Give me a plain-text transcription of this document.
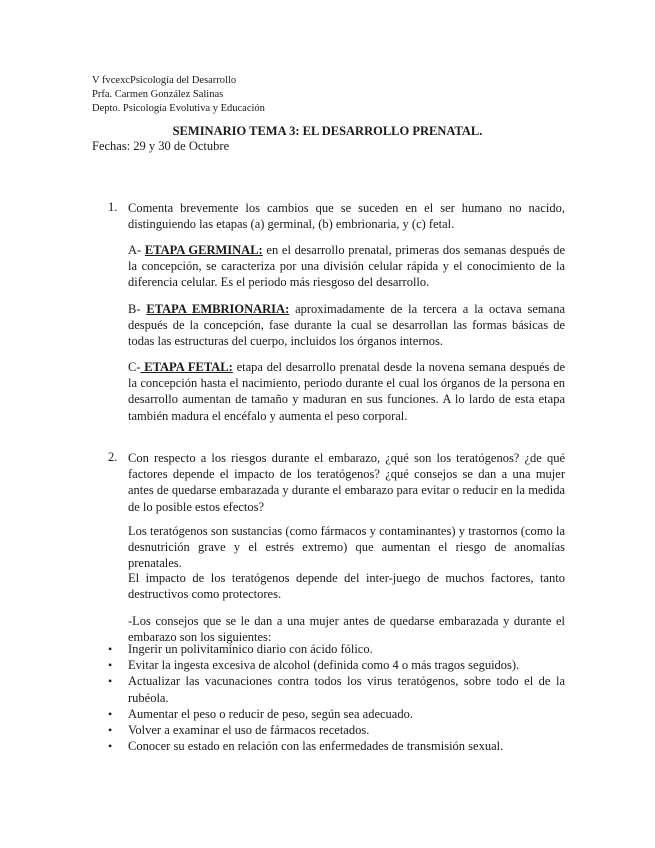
V fvcexcPsicología del Desarrollo
Prfa. Carmen González Salinas
Depto. Psicología Evolutiva y Educación
SEMINARIO TEMA 3: EL DESARROLLO PRENATAL.
Fechas: 29 y 30 de Octubre
1. Comenta brevemente los cambios que se suceden en el ser humano no nacido, distinguiendo las etapas (a) germinal, (b) embrionaria, y (c) fetal.
A- ETAPA GERMINAL: en el desarrollo prenatal, primeras dos semanas después de la concepción, se caracteriza por una división celular rápida y el conocimiento de la diferencia celular. Es el periodo más riesgoso del desarrollo.
B- ETAPA EMBRIONARIA: aproximadamente de la tercera a la octava semana después de la concepción, fase durante la cual se desarrollan las formas básicas de todas las estructuras del cuerpo, incluidos los órganos internos.
C- ETAPA FETAL: etapa del desarrollo prenatal desde la novena semana después de la concepción hasta el nacimiento, periodo durante el cual los órganos de la persona en desarrollo aumentan de tamaño y maduran en sus funciones. A lo lardo de esta etapa también madura el encéfalo y aumenta el peso corporal.
2. Con respecto a los riesgos durante el embarazo, ¿qué son los teratógenos? ¿de qué factores depende el impacto de los teratógenos? ¿qué consejos se dan a una mujer antes de quedarse embarazada y durante el embarazo para evitar o reducir en la medida de lo posible estos efectos?
Los teratógenos son sustancias (como fármacos y contaminantes) y trastornos (como la desnutrición grave y el estrés extremo) que aumentan el riesgo de anomalías prenatales.
El impacto de los teratógenos depende del inter-juego de muchos factores, tanto destructivos como protectores.
-Los consejos que se le dan a una mujer antes de quedarse embarazada y durante el embarazo son los siguientes:
• Ingerir un polivitamínico diario con ácido fólico.
• Evitar la ingesta excesiva de alcohol (definida como 4 o más tragos seguidos).
• Actualizar las vacunaciones contra todos los virus teratógenos, sobre todo el de la rubéola.
• Aumentar el peso o reducir de peso, según sea adecuado.
• Volver a examinar el uso de fármacos recetados.
• Conocer su estado en relación con las enfermedades de transmisión sexual.
